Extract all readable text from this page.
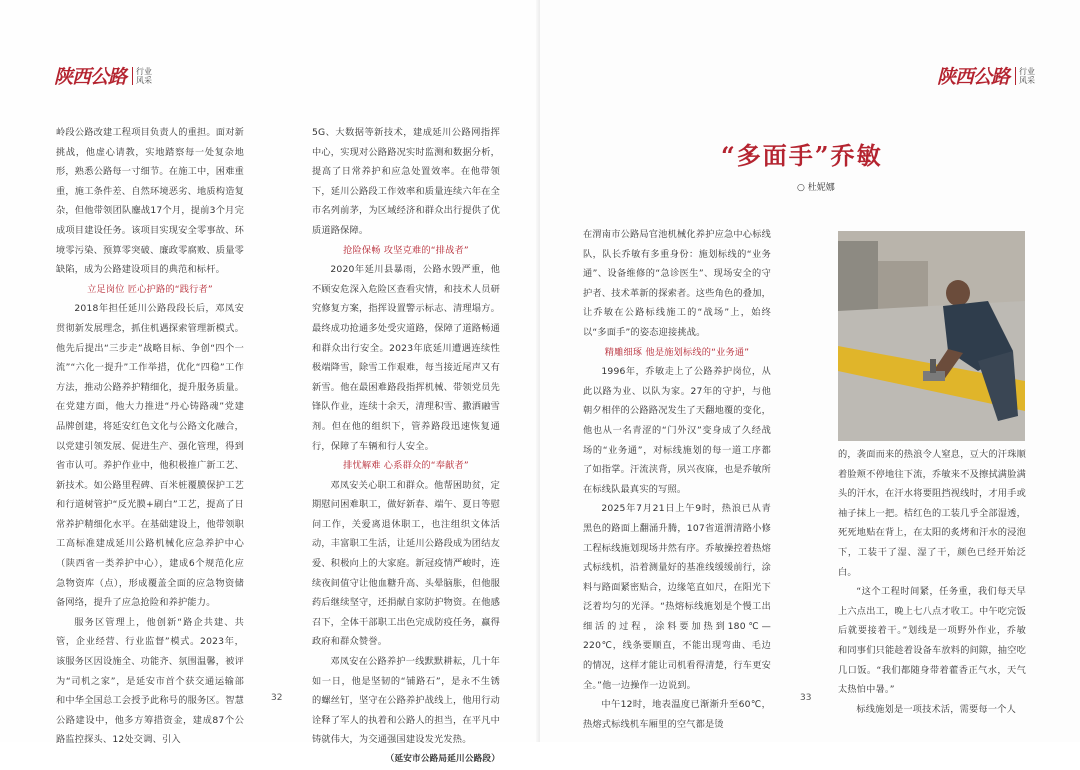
陕西公路 行业
风采

岭段公路改建工程项目负责人的重担。面对新挑战，他虚心请教，实地踏察每一处复杂地形，熟悉公路每一寸细节。在施工中，困难重重，施工条件差、自然环境恶劣、地质构造复杂，但他带领团队鏖战17个月，提前3个月完成项目建设任务。该项目实现安全零事故、环境零污染、预算零突破、廉政零腐败、质量零缺陷，成为公路建设项目的典范和标杆。

立足岗位 匠心护路的“践行者”

2018年担任延川公路段段长后，邓凤安贯彻新发展理念，抓住机遇探索管理新模式。他先后提出“三步走”战略目标、争创“四个一流”“六化一提升”工作举措，优化“四稳”工作方法，推动公路养护精细化，提升服务质量。在党建方面，他大力推进“丹心铸路魂”党建品牌创建，将延安红色文化与公路文化融合，以党建引领发展、促进生产、强化管理，得到省市认可。养护作业中，他积极推广新工艺、新技术。如公路里程碑、百米桩覆膜保护工艺和行道树管护“反光膜+刷白”工艺，提高了日常养护精细化水平。在基础建设上，他带领职工高标准建成延川公路机械化应急养护中心（陕西省一类养护中心），建成6个规范化应急物资库（点），形成覆盖全面的应急物资储备网络，提升了应急抢险和养护能力。

服务区管理上，他创新“路企共建、共管，企业经营、行业监督”模式。2023年，该服务区因设施全、功能齐、氛围温馨，被评为“司机之家”，是延安市首个获交通运输部和中华全国总工会授予此称号的服务区。智慧公路建设中，他多方筹措资金，建成87个公路监控探头、12处交调、引入

5G、大数据等新技术，建成延川公路网指挥中心，实现对公路路况实时监测和数据分析，提高了日常养护和应急处置效率。在他带领下，延川公路段工作效率和质量连续六年在全市名列前茅，为区域经济和群众出行提供了优质道路保障。

抢险保畅 攻坚克难的“排战者”

2020年延川县暴雨，公路水毁严重，他不顾安危深入危险区查看灾情，和技术人员研究修复方案，指挥设置警示标志、清理塌方。最终成功抢通多处受灾道路，保障了道路畅通和群众出行安全。2023年底延川遭遇连续性极端降雪，除雪工作艰难，每当接近尾声又有新雪。他在最困难路段指挥机械、带领党员先锋队作业，连续十余天，清理积雪、撒洒融雪剂。但在他的组织下，管养路段迅速恢复通行，保障了车辆和行人安全。

排忧解难 心系群众的“奉献者”

邓凤安关心职工和群众。他帮困助贫，定期慰问困难职工，做好新春、端午、夏日等慰问工作，关爱离退休职工，也注组织文体活动，丰富职工生活，让延川公路段成为团结友爱、积极向上的大家庭。新冠疫情严峻时，连续夜间值守让他血糖升高、头晕脑胀，但他服药后继续坚守，还捐献自家防护物资。在他感召下，全体干部职工出色完成防疫任务，赢得政府和群众赞誉。

邓凤安在公路养护一线默默耕耘，几十年如一日，他是坚韧的“铺路石”，是永不生锈的螺丝钉，坚守在公路养护战线上，他用行动诠释了军人的执着和公路人的担当，在平凡中铸就伟大，为交通强国建设发光发热。

（延安市公路局延川公路段）

32
陕西公路 行业
风采
33
“多面手”乔敏

○ 杜妮娜

在渭南市公路局官池机械化养护应急中心标线队，队长乔敏有多重身份：施划标线的“业务通”、设备维修的“急诊医生”、现场安全的守护者、技术革新的探索者。这些角色的叠加，让乔敏在公路标线施工的“战场”上，始终以“多面手”的姿态迎接挑战。

精雕细琢 他是施划标线的“业务通”

1996年，乔敏走上了公路养护岗位，从此以路为业、以队为家。27年的守护，与他朝夕相伴的公路路况发生了天翻地覆的变化，他也从一名青涩的“门外汉”变身成了久经战场的“业务通”，对标线施划的每一道工序都了如指掌。汗流浃背，夙兴夜寐，也是乔敏所在标线队最真实的写照。

2025年7月21日上午9时，热浪已从青黑色的路面上翻涌升腾，107省道渭清路小修工程标线施划现场井然有序。乔敏操控着热熔式标线机，沿着测量好的基准线缓缓前行，涂料与路面紧密贴合，边缘笔直如尺，在阳光下泛着均匀的光泽。“热熔标线施划是个慢工出细活的过程，涂料要加热到180℃—220℃，线条要顺直，不能出现弯曲、毛边的情况，这样才能让司机看得清楚，行车更安全。”他一边操作一边说到。

中午12时，地表温度已渐渐升至60℃，热熔式标线机车厢里的空气都是烫

的，袭面而来的热浪令人窒息，豆大的汗珠顺着脸颊不停地往下流，乔敏来不及擦拭满脸满头的汗水，在汗水将要阻挡视线时，才用手或袖子抹上一把。桔红色的工装几乎全部湿透，死死地贴在背上，在太阳的炙烤和汗水的浸泡下，工装干了湿、湿了干，颜色已经开始泛白。

“这个工程时间紧，任务重，我们每天早上六点出工，晚上七八点才收工。中午吃完饭后就要接着干。”划线是一项野外作业，乔敏和同事们只能趁着设备车放料的间隙，抽空吃几口饭。“我们都随身带着藿香正气水，天气太热怕中暑。”

标线施划是一项技术活，需要每一个人
